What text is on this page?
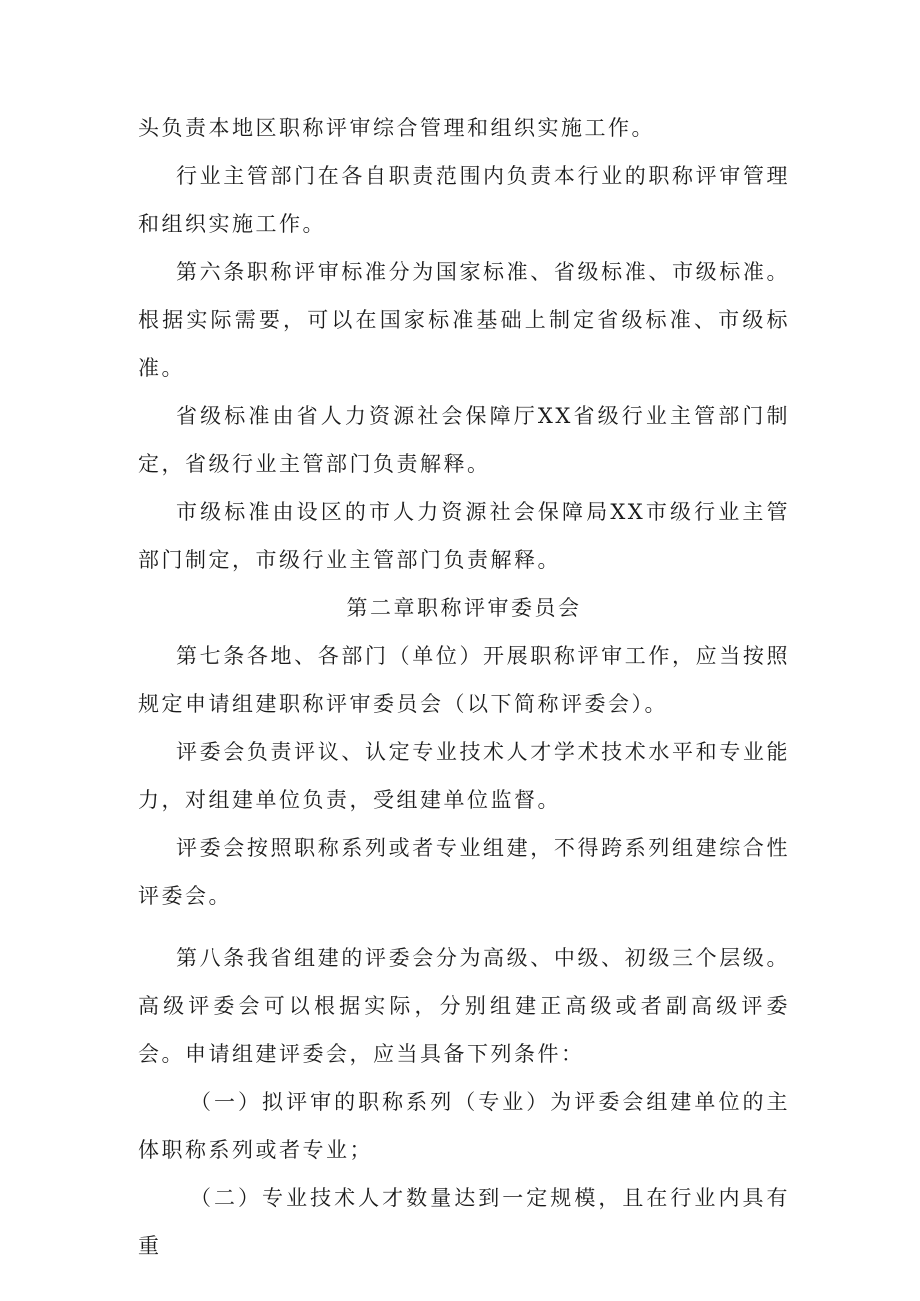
头负责本地区职称评审综合管理和组织实施工作。

行业主管部门在各自职责范围内负责本行业的职称评审管理和组织实施工作。

第六条职称评审标准分为国家标准、省级标准、市级标准。根据实际需要，可以在国家标准基础上制定省级标准、市级标准。

省级标准由省人力资源社会保障厅XX省级行业主管部门制定，省级行业主管部门负责解释。

市级标准由设区的市人力资源社会保障局XX市级行业主管部门制定，市级行业主管部门负责解释。

第二章职称评审委员会

第七条各地、各部门（单位）开展职称评审工作，应当按照规定申请组建职称评审委员会（以下简称评委会）。

评委会负责评议、认定专业技术人才学术技术水平和专业能力，对组建单位负责，受组建单位监督。

评委会按照职称系列或者专业组建，不得跨系列组建综合性评委会。

第八条我省组建的评委会分为高级、中级、初级三个层级。高级评委会可以根据实际，分别组建正高级或者副高级评委会。申请组建评委会，应当具备下列条件：

（一）拟评审的职称系列（专业）为评委会组建单位的主体职称系列或者专业；

（二）专业技术人才数量达到一定规模，且在行业内具有重
